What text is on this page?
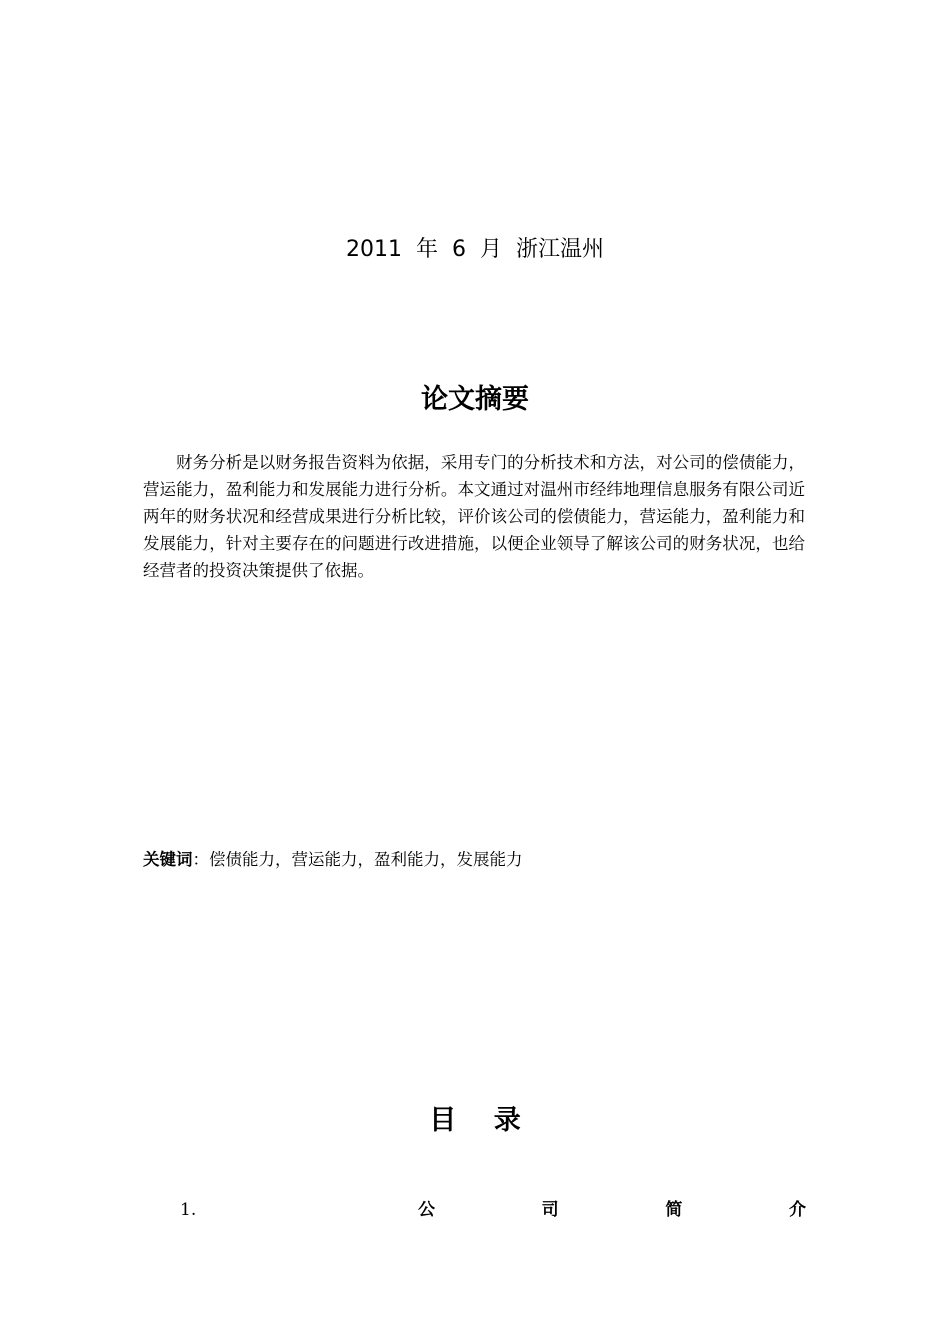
2011  年  6  月  浙江温州
论文摘要

财务分析是以财务报告资料为依据，采用专门的分析技术和方法，对公司的偿债能力，营运能力，盈利能力和发展能力进行分析。本文通过对温州市经纬地理信息服务有限公司近两年的财务状况和经营成果进行分析比较，评价该公司的偿债能力，营运能力，盈利能力和发展能力，针对主要存在的问题进行改进措施，以便企业领导了解该公司的财务状况，也给经营者的投资决策提供了依据。

关键词：偿债能力，营运能力，盈利能力，发展能力
目    录
1.	公	司	简	介
